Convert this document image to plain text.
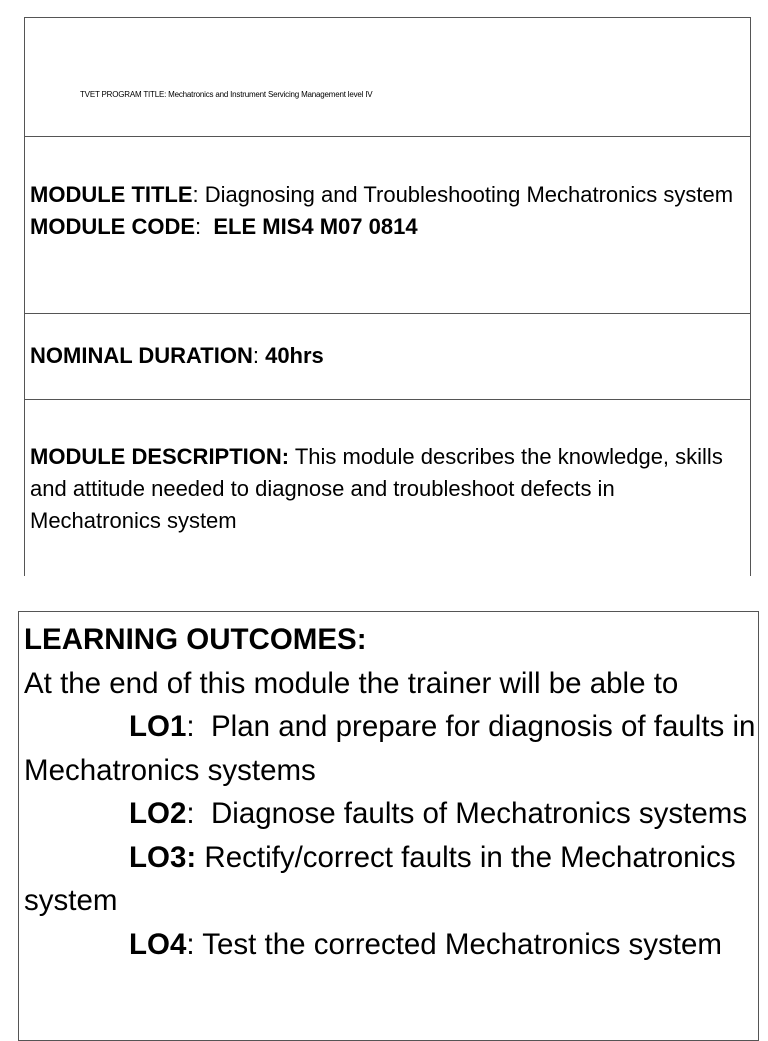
TVET PROGRAM TITLE: Mechatronics and Instrument Servicing Management level IV
MODULE TITLE: Diagnosing and Troubleshooting Mechatronics system
MODULE CODE:  ELE MIS4 M07 0814
NOMINAL DURATION: 40hrs
MODULE DESCRIPTION: This module describes the knowledge, skills and attitude needed to diagnose and troubleshoot defects in Mechatronics system
LEARNING OUTCOMES:
At the end of this module the trainer will be able to
LO1:  Plan and prepare for diagnosis of faults in Mechatronics systems
LO2:  Diagnose faults of Mechatronics systems
LO3: Rectify/correct faults in the Mechatronics system
LO4: Test the corrected Mechatronics system
